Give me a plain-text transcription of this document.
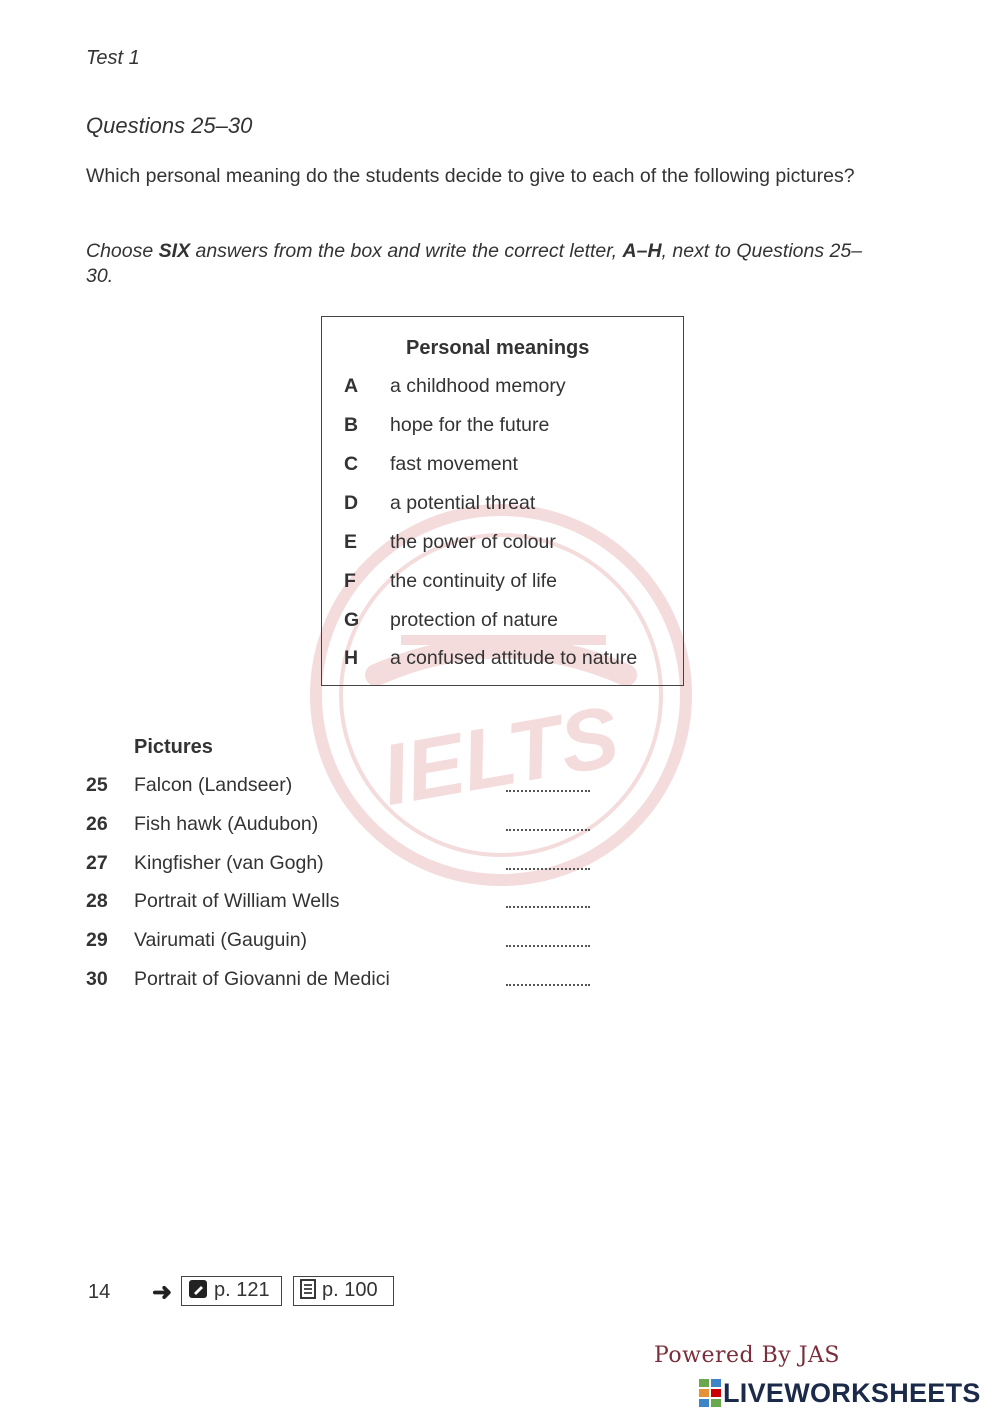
Test 1
Questions 25–30
Which personal meaning do the students decide to give to each of the following pictures?
Choose SIX answers from the box and write the correct letter, A–H, next to Questions 25–30.
IELTS
Personal meanings
A	a childhood memory
B	hope for the future
C	fast movement
D	a potential threat
E	the power of colour
F	the continuity of life
G protection of nature
H	a confused attitude to nature
Pictures
25 Falcon (Landseer)
26 Fish hawk (Audubon)
27 Kingfisher (van Gogh)
28 Portrait of William Wells
29 Vairumati (Gauguin)
30 Portrait of Giovanni de Medici
14 ➜	p. 121	p. 100
Powered By JAS
LIVEWORKSHEETS
